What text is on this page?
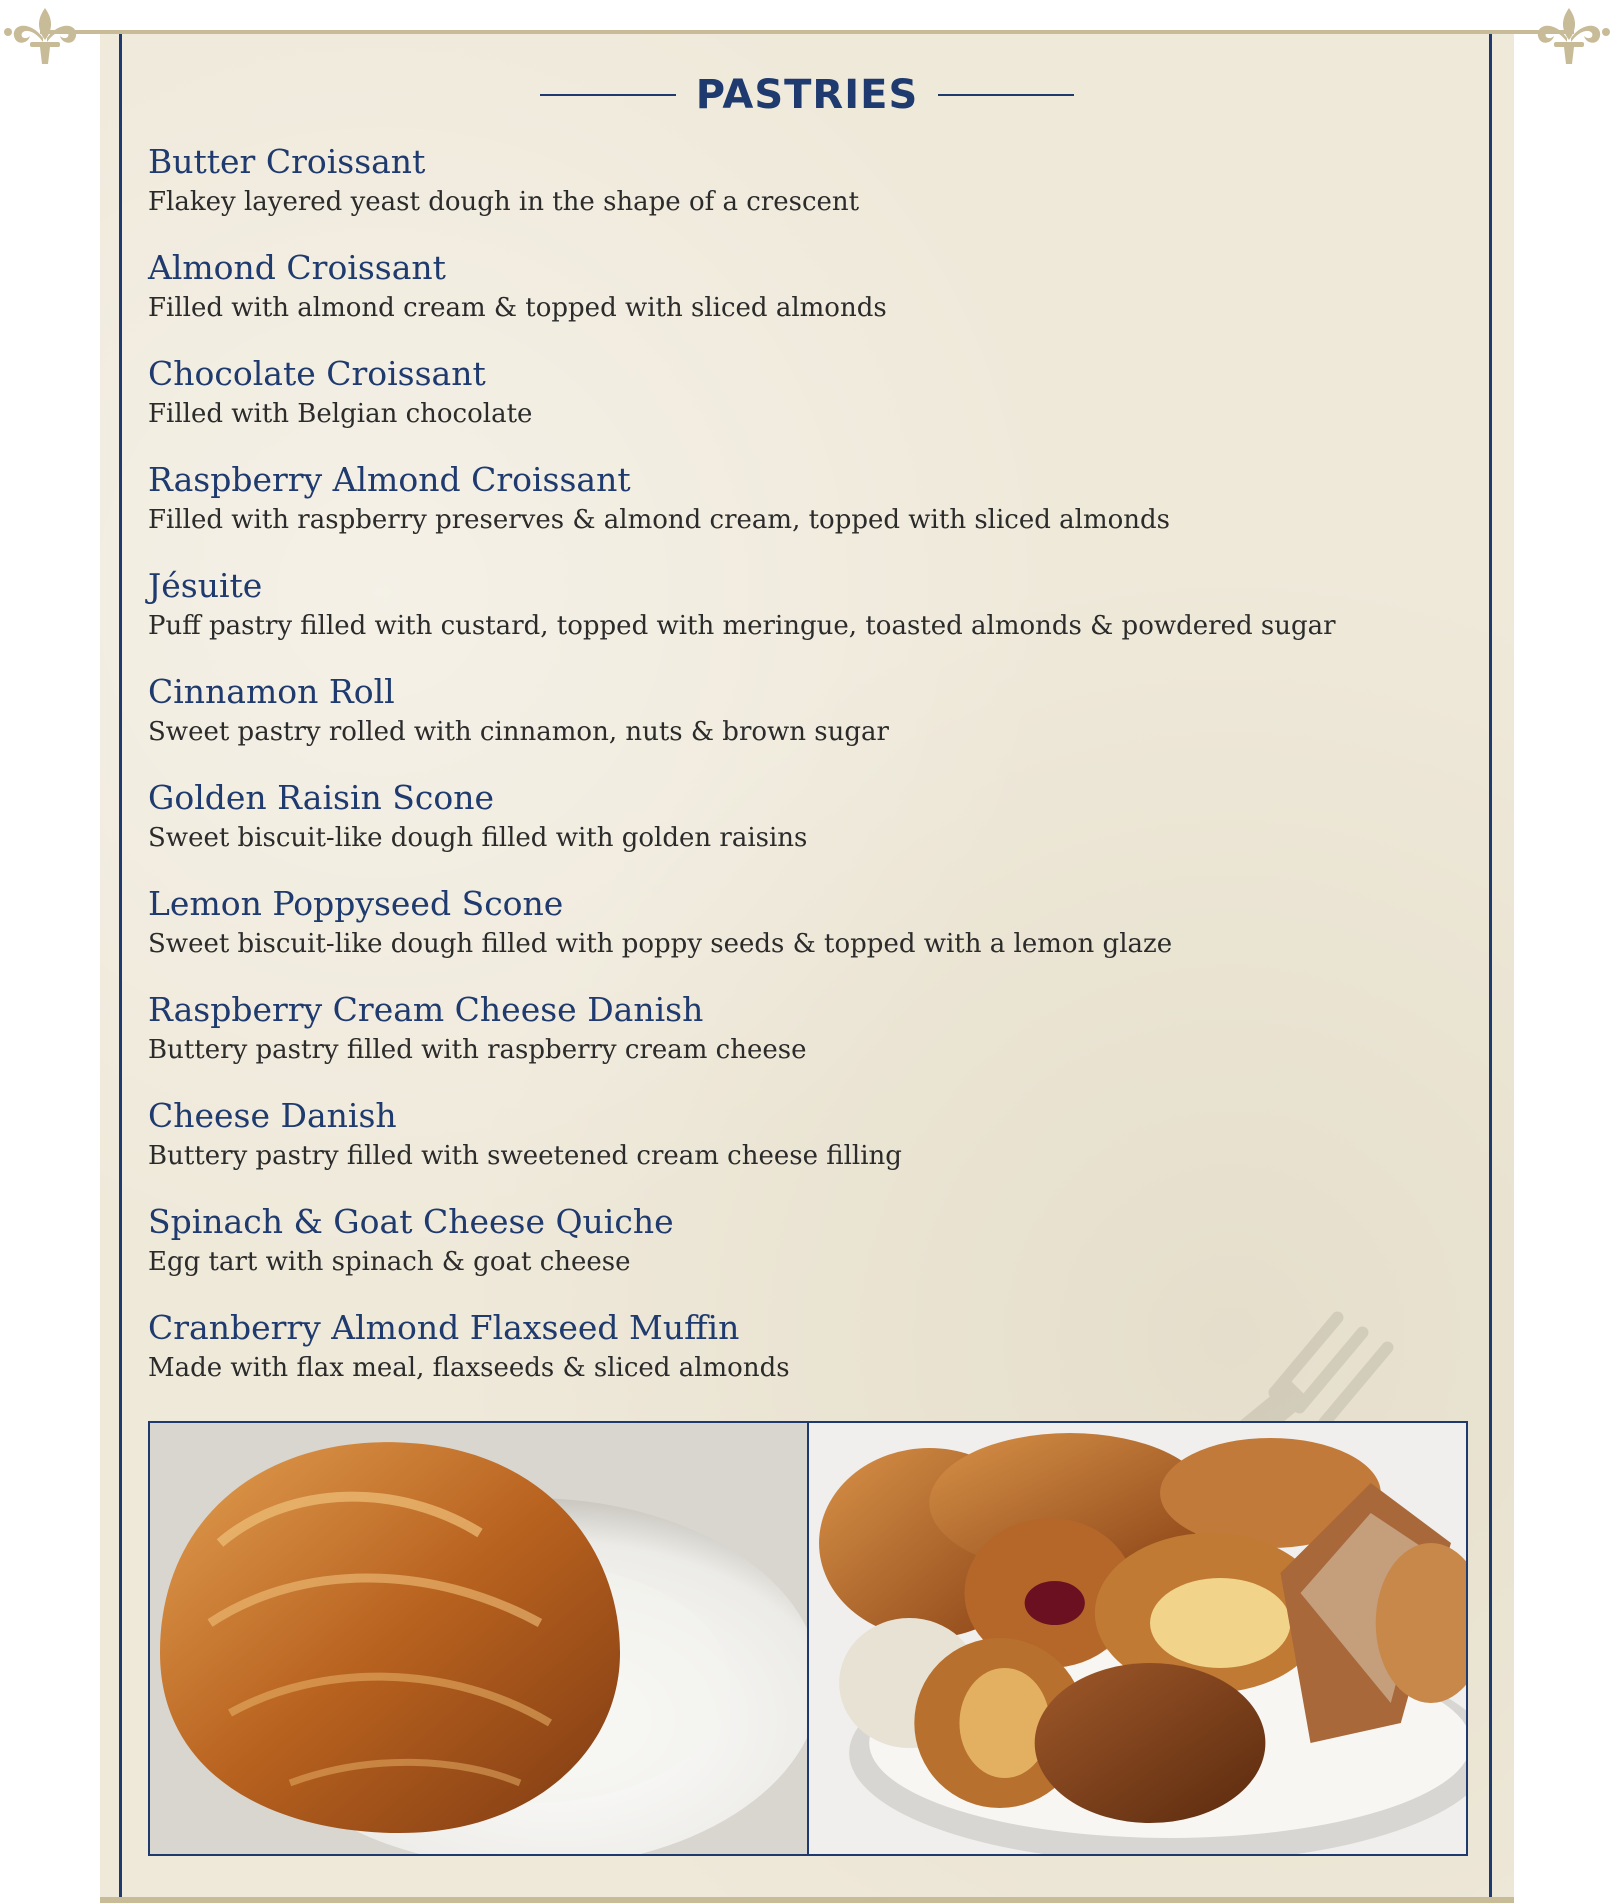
PASTRIES
Butter Croissant
Flakey layered yeast dough in the shape of a crescent
Almond Croissant
Filled with almond cream & topped with sliced almonds
Chocolate Croissant
Filled with Belgian chocolate
Raspberry Almond Croissant
Filled with raspberry preserves & almond cream, topped with sliced almonds
Jésuite
Puff pastry filled with custard, topped with meringue, toasted almonds & powdered sugar
Cinnamon Roll
Sweet pastry rolled with cinnamon, nuts & brown sugar
Golden Raisin Scone
Sweet biscuit-like dough filled with golden raisins
Lemon Poppyseed Scone
Sweet biscuit-like dough filled with poppy seeds & topped with a lemon glaze
Raspberry Cream Cheese Danish
Buttery pastry filled with raspberry cream cheese
Cheese Danish
Buttery pastry filled with sweetened cream cheese filling
Spinach & Goat Cheese Quiche
Egg tart with spinach & goat cheese
Cranberry Almond Flaxseed Muffin
Made with flax meal, flaxseeds & sliced almonds
